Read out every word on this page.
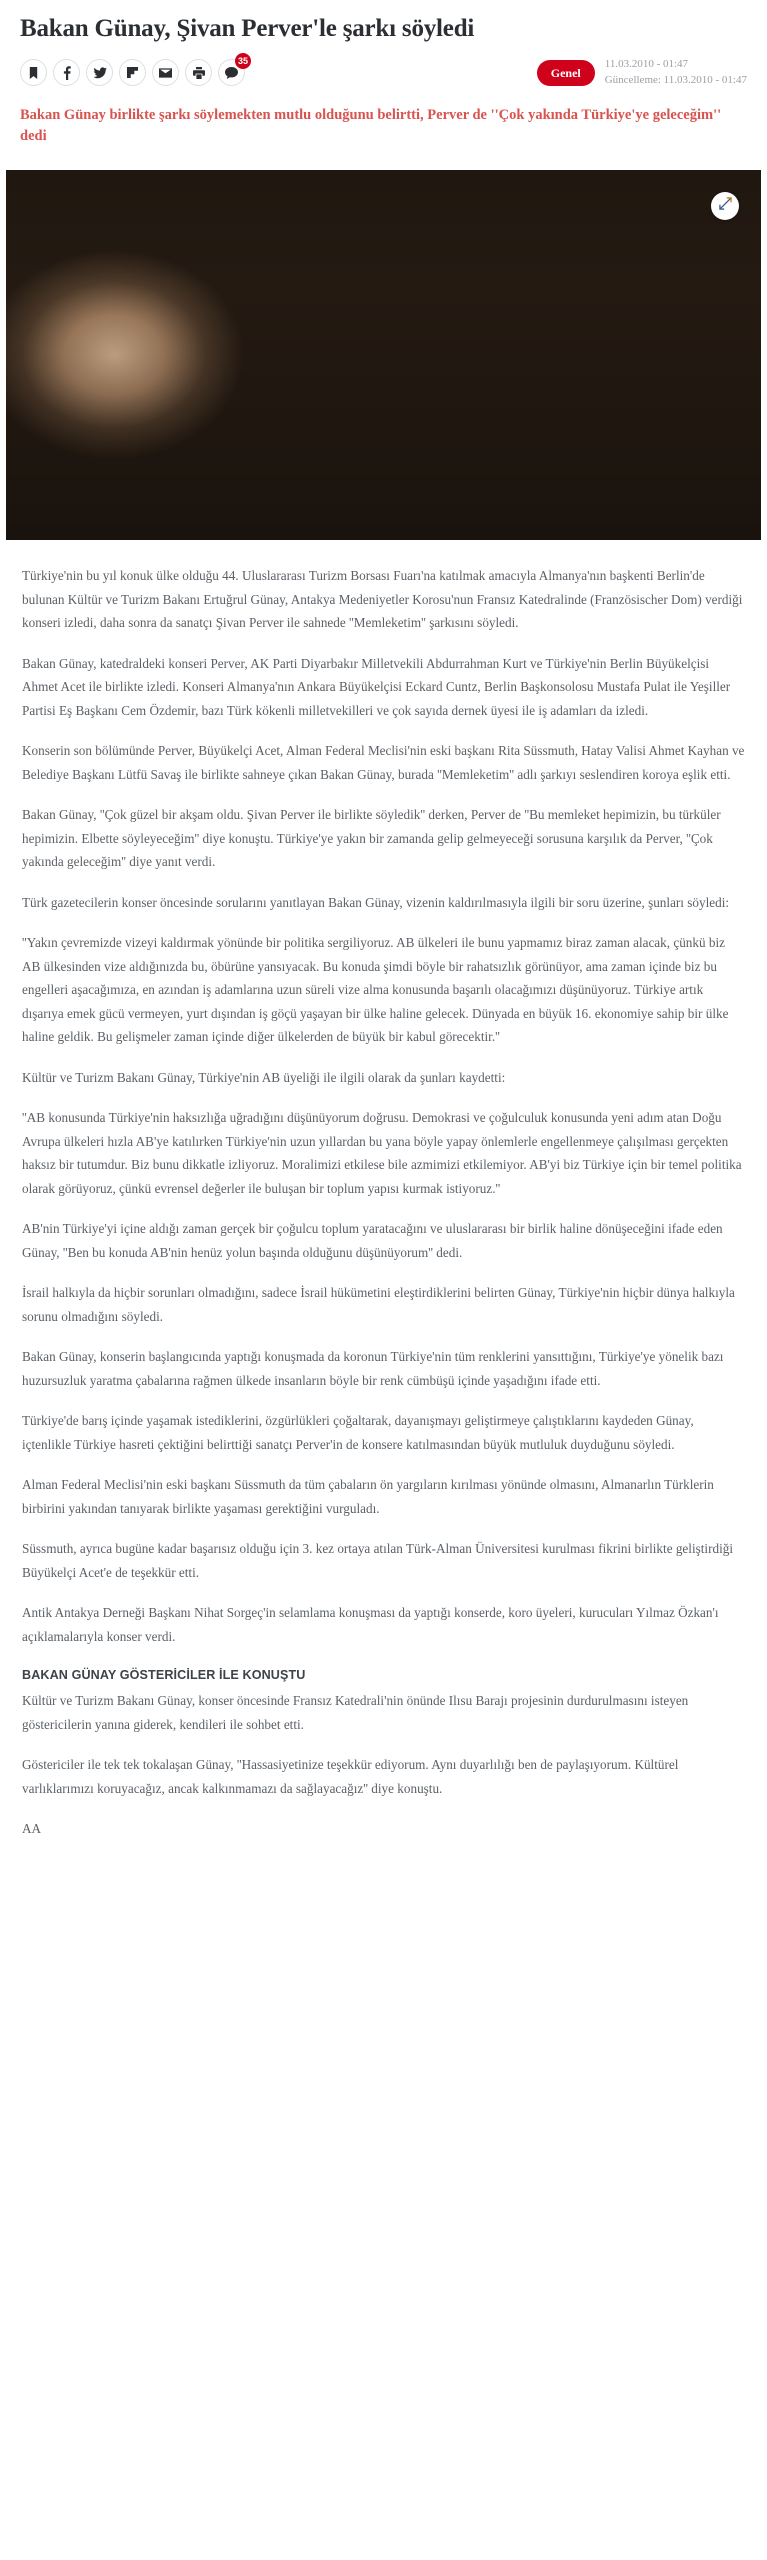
Bakan Günay, Şivan Perver'le şarkı söyledi
35
Genel
11.03.2010 - 01:47
Güncelleme: 11.03.2010 - 01:47
Bakan Günay birlikte şarkı söylemekten mutlu olduğunu belirtti, Perver de ''Çok yakında Türkiye'ye geleceğim'' dedi

Türkiye'nin bu yıl konuk ülke olduğu 44. Uluslararası Turizm Borsası Fuarı'na katılmak amacıyla Almanya'nın başkenti Berlin'de bulunan Kültür ve Turizm Bakanı Ertuğrul Günay, Antakya Medeniyetler Korosu'nun Fransız Katedralinde (Französischer Dom) verdiği konseri izledi, daha sonra da sanatçı Şivan Perver ile sahnede ''Memleketim'' şarkısını söyledi.

Bakan Günay, katedraldeki konseri Perver, AK Parti Diyarbakır Milletvekili Abdurrahman Kurt ve Türkiye'nin Berlin Büyükelçisi Ahmet Acet ile birlikte izledi. Konseri Almanya'nın Ankara Büyükelçisi Eckard Cuntz, Berlin Başkonsolosu Mustafa Pulat ile Yeşiller Partisi Eş Başkanı Cem Özdemir, bazı Türk kökenli milletvekilleri ve çok sayıda dernek üyesi ile iş adamları da izledi.

Konserin son bölümünde Perver, Büyükelçi Acet, Alman Federal Meclisi'nin eski başkanı Rita Süssmuth, Hatay Valisi Ahmet Kayhan ve Belediye Başkanı Lütfü Savaş ile birlikte sahneye çıkan Bakan Günay, burada ''Memleketim'' adlı şarkıyı seslendiren koroya eşlik etti.

Bakan Günay, ''Çok güzel bir akşam oldu. Şivan Perver ile birlikte söyledik'' derken, Perver de ''Bu memleket hepimizin, bu türküler hepimizin. Elbette söyleyeceğim'' diye konuştu. Türkiye'ye yakın bir zamanda gelip gelmeyeceği sorusuna karşılık da Perver, ''Çok yakında geleceğim'' diye yanıt verdi.

Türk gazetecilerin konser öncesinde sorularını yanıtlayan Bakan Günay, vizenin kaldırılmasıyla ilgili bir soru üzerine, şunları söyledi:

''Yakın çevremizde vizeyi kaldırmak yönünde bir politika sergiliyoruz. AB ülkeleri ile bunu yapmamız biraz zaman alacak, çünkü biz AB ülkesinden vize aldığınızda bu, öbürüne yansıyacak. Bu konuda şimdi böyle bir rahatsızlık görünüyor, ama zaman içinde biz bu engelleri aşacağımıza, en azından iş adamlarına uzun süreli vize alma konusunda başarılı olacağımızı düşünüyoruz. Türkiye artık dışarıya emek gücü vermeyen, yurt dışından iş göçü yaşayan bir ülke haline gelecek. Dünyada en büyük 16. ekonomiye sahip bir ülke haline geldik. Bu gelişmeler zaman içinde diğer ülkelerden de büyük bir kabul görecektir.''

Kültür ve Turizm Bakanı Günay, Türkiye'nin AB üyeliği ile ilgili olarak da şunları kaydetti:

''AB konusunda Türkiye'nin haksızlığa uğradığını düşünüyorum doğrusu. Demokrasi ve çoğulculuk konusunda yeni adım atan Doğu Avrupa ülkeleri hızla AB'ye katılırken Türkiye'nin uzun yıllardan bu yana böyle yapay önlemlerle engellenmeye çalışılması gerçekten haksız bir tutumdur. Biz bunu dikkatle izliyoruz. Moralimizi etkilese bile azmimizi etkilemiyor. AB'yi biz Türkiye için bir temel politika olarak görüyoruz, çünkü evrensel değerler ile buluşan bir toplum yapısı kurmak istiyoruz.''

AB'nin Türkiye'yi içine aldığı zaman gerçek bir çoğulcu toplum yaratacağını ve uluslararası bir birlik haline dönüşeceğini ifade eden Günay, ''Ben bu konuda AB'nin henüz yolun başında olduğunu düşünüyorum'' dedi.

İsrail halkıyla da hiçbir sorunları olmadığını, sadece İsrail hükümetini eleştirdiklerini belirten Günay, Türkiye'nin hiçbir dünya halkıyla sorunu olmadığını söyledi.

Bakan Günay, konserin başlangıcında yaptığı konuşmada da koronun Türkiye'nin tüm renklerini yansıttığını, Türkiye'ye yönelik bazı huzursuzluk yaratma çabalarına rağmen ülkede insanların böyle bir renk cümbüşü içinde yaşadığını ifade etti.

Türkiye'de barış içinde yaşamak istediklerini, özgürlükleri çoğaltarak, dayanışmayı geliştirmeye çalıştıklarını kaydeden Günay, içtenlikle Türkiye hasreti çektiğini belirttiği sanatçı Perver'in de konsere katılmasından büyük mutluluk duyduğunu söyledi.

Alman Federal Meclisi'nin eski başkanı Süssmuth da tüm çabaların ön yargıların kırılması yönünde olmasını, Almanarlın Türklerin birbirini yakından tanıyarak birlikte yaşaması gerektiğini vurguladı.

Süssmuth, ayrıca bugüne kadar başarısız olduğu için 3. kez ortaya atılan Türk-Alman Üniversitesi kurulması fikrini birlikte geliştirdiği Büyükelçi Acet'e de teşekkür etti.

Antik Antakya Derneği Başkanı Nihat Sorgeç'in selamlama konuşması da yaptığı konserde, koro üyeleri, kurucuları Yılmaz Özkan'ı açıklamalarıyla konser verdi.

BAKAN GÜNAY GÖSTERİCİLER İLE KONUŞTU

Kültür ve Turizm Bakanı Günay, konser öncesinde Fransız Katedrali'nin önünde Ilısu Barajı projesinin durdurulmasını isteyen göstericilerin yanına giderek, kendileri ile sohbet etti.

Göstericiler ile tek tek tokalaşan Günay, ''Hassasiyetinize teşekkür ediyorum. Aynı duyarlılığı ben de paylaşıyorum. Kültürel varlıklarımızı koruyacağız, ancak kalkınmamazı da sağlayacağız'' diye konuştu.

AA
